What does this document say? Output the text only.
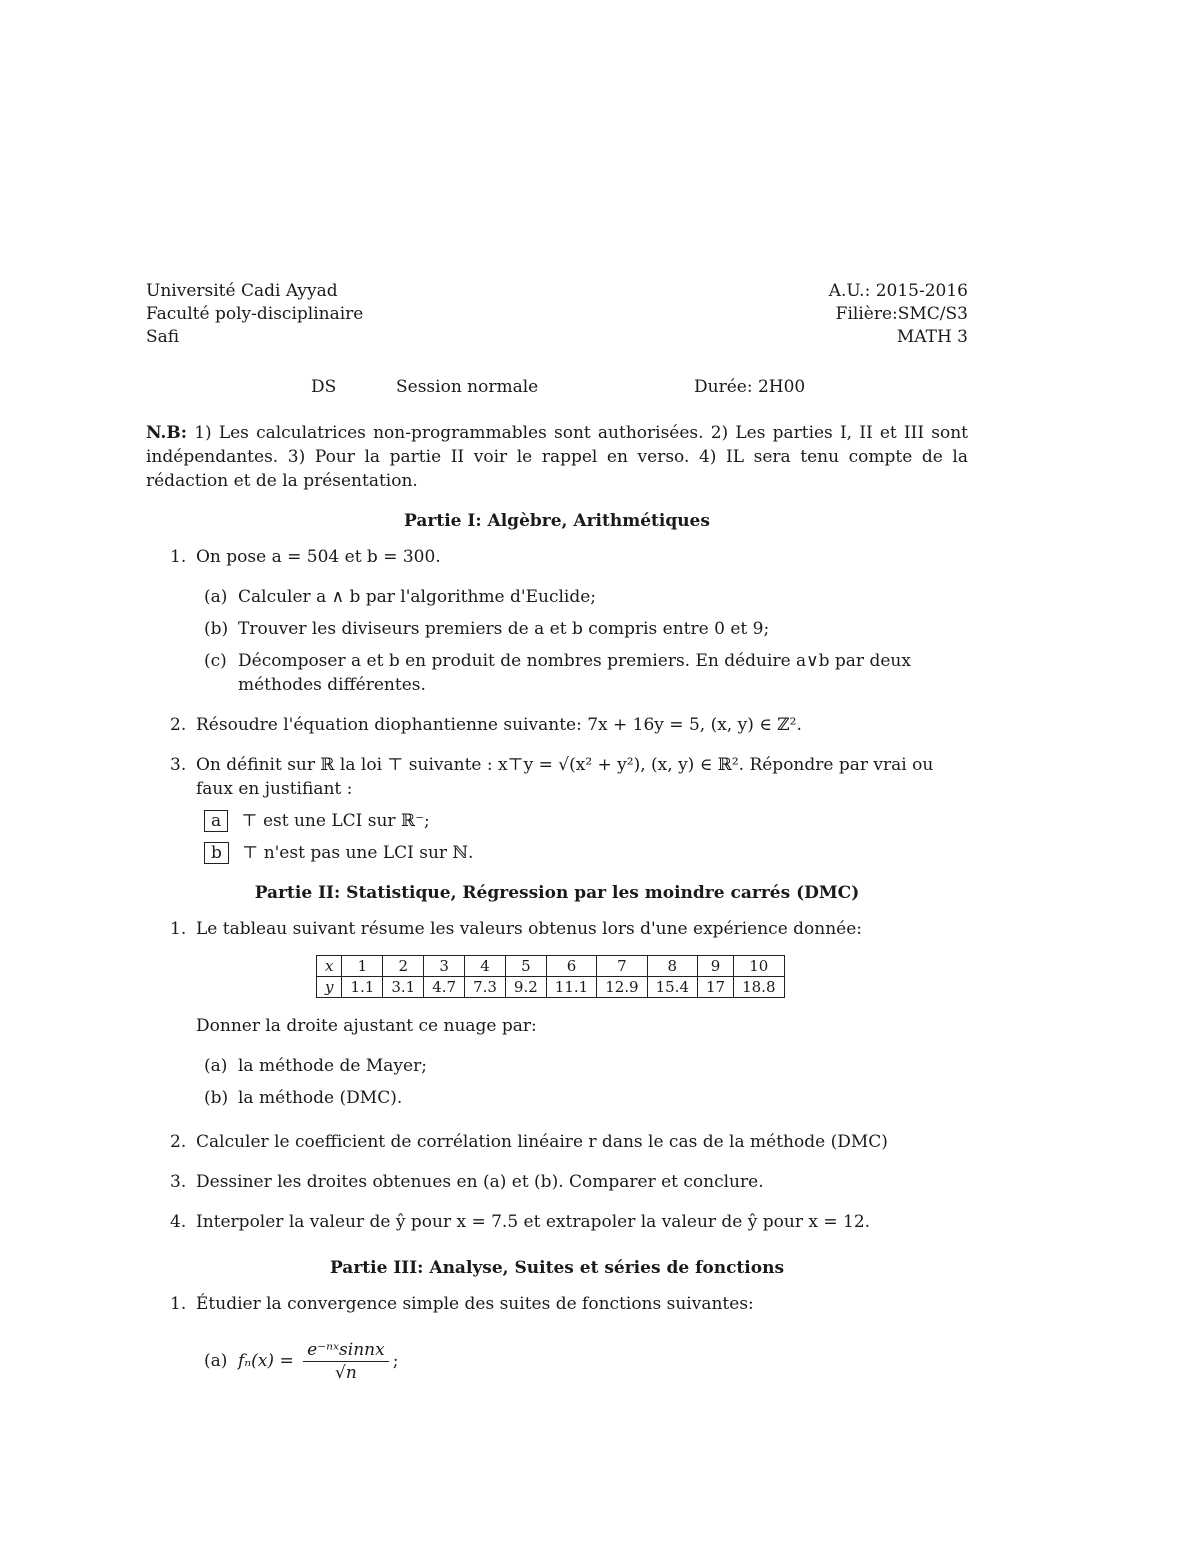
Université Cadi Ayyad
Faculté poly-disciplinaire
Safi
A.U.: 2015-2016
Filière:SMC/S3
MATH 3
DS	Session normale	Durée: 2H00
N.B: 1) Les calculatrices non-programmables sont authorisées. 2) Les parties I, II et III sont indépendantes. 3) Pour la partie II voir le rappel en verso. 4) IL sera tenu compte de la rédaction et de la présentation.
Partie I: Algèbre, Arithmétiques
1. On pose a = 504 et b = 300.
(a) Calculer a ∧ b par l'algorithme d'Euclide;
(b) Trouver les diviseurs premiers de a et b compris entre 0 et 9;
(c) Décomposer a et b en produit de nombres premiers. En déduire a∨b par deux méthodes différentes.
2. Résoudre l'équation diophantienne suivante: 7x + 16y = 5, (x, y) ∈ ℤ².
3. On définit sur ℝ la loi ⊤ suivante : x⊤y = √(x² + y²), (x, y) ∈ ℝ². Répondre par vrai ou faux en justifiant :
a ⊤ est une LCI sur ℝ⁻;
b ⊤ n'est pas une LCI sur ℕ.
Partie II: Statistique, Régression par les moindre carrés (DMC)
1. Le tableau suivant résume les valeurs obtenus lors d'une expérience donnée:
x	1	2	3	4	5	6	7	8	9	10
y	1.1	3.1	4.7	7.3	9.2	11.1	12.9	15.4	17	18.8
Donner la droite ajustant ce nuage par:
(a) la méthode de Mayer;
(b) la méthode (DMC).
2. Calculer le coefficient de corrélation linéaire r dans le cas de la méthode (DMC)
3. Dessiner les droites obtenues en (a) et (b). Comparer et conclure.
4. Interpoler la valeur de ŷ pour x = 7.5 et extrapoler la valeur de ŷ pour x = 12.
Partie III: Analyse, Suites et séries de fonctions
1. Étudier la convergence simple des suites de fonctions suivantes:
(a) $f_n(x) = \frac{\text{e⁻ⁿˣsinnx}}{√n}$ ;
